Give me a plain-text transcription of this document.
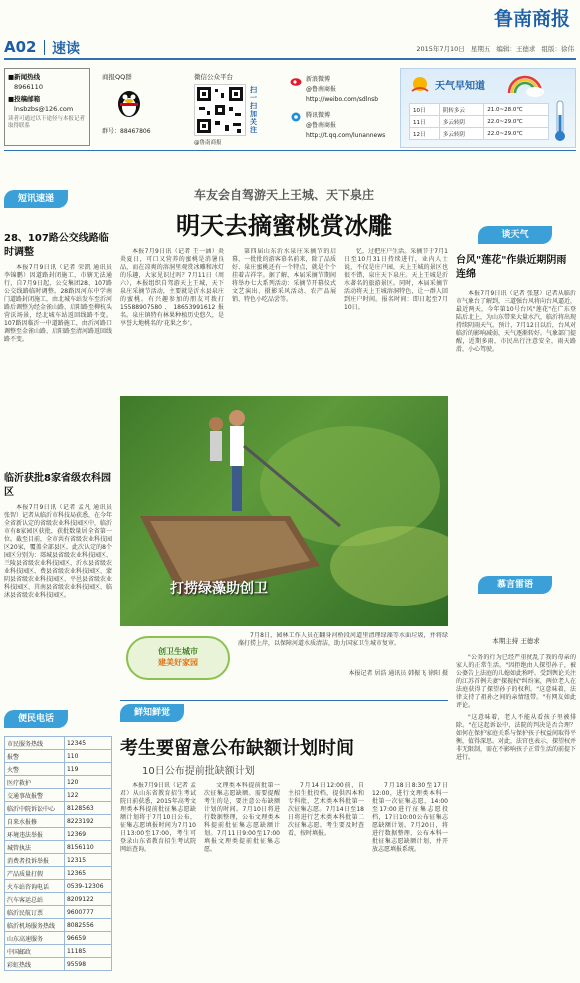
鲁南商报
A02 速读	2015年7月10日 星期五 编辑：王德求 组版：徐伟
■新闻热线
8966110
■投稿邮箱
lnsbzbs@126.com
读者可通过以下途径与本报记者取得联系
商报QQ群
群号：88467806
微信公众平台
扫一扫加关注
@鲁南商报
新浪微博
@鲁南商报
http://weibo.com/sdlnsb
腾讯微博
@鲁南商报
http://t.qq.com/lunannews
天气早知道
10日	阴转多云	21.0~28.0℃
11日	多云转阴	22.0~29.0℃
12日	多云转阴	22.0~29.0℃
短讯速递
28、107路公交线路临时调整

本报7月9日讯（记者 荣凯 通讯员 李锦鹏）因道路封闭施工，市辖无法通行，自7月9日起，公交集团28、107路公交线路临时调整。28路因河东中学南门道路封闭施工，由北城车站发车至沂河路后调整为经金雀山路、启阳路至柳杭头营沃场景，经北城车站返回线路不变。107路因临沂一中道路施工，由沂河路口调整至金雀山路、启阳路至清河路返回线路不变。

临沂获批8家省级农科园区

本报7月9日讯（记者 孟凡 通讯员 张智）记者从临沂市科技局获悉，在今年全省新认定的省级农业科技园区中，临沂市有8家园区获批，获批数量居全省第一位。截至目前，全市共有省级农业科技园区20家，覆盖全部县区。此次认定的8个园区分别为：郯城县省级农业科技园区、兰陵县省级农业科技园区、沂水县省级农业科技园区、费县省级农业科技园区、蒙阴县省级农业科技园区、平邑县省级农业科技园区、莒南县省级农业科技园区、临沭县省级农业科技园区。

便民电话
市民服务热线	12345
报警	110
火警	119
医疗救护	120
交通事故报警	122
临沂中院诉讼中心	8128563
自来水报修	8223192
环境违法举报	12369
城管执法	8156110
消费者投诉举报	12315
产品质量打假	12365
火车站咨询电话	0539-12306
汽车客运总站	8209122
临沂民航订票	9600777
临沂机场服务热线	8082556
山东高速服务	96659
中国邮政	11185
彩虹热线	95598
车友会自驾游天上王城、天下泉庄
明天去摘蜜桃赏冰雕

本报7月9日讯（记者 王一涵）炎炎夏日，可口又营养的蜜桃是消暑良品，而在凉爽的溶洞里观赏冰雕和冰灯的乐趣，大家见识过吗？7月11日（周六），本报组织自驾游天上王城，天下泉庄采摘节活动，主要就是沂水县泉庄的蜜桃。有兴趣参加的朋友可拨打15588907580、18653991612报名。泉庄镇特有林果种植历史悠久，是享誉大地桃名的‘花果之乡’。

第四届山东沂水泉庄采摘节的启幕，一批批的游客慕名前来，除了品质好、泉庄蜜桃还有一个特点，就是个个挂着吉祥字。据了解，本届采摘节期间将举办七大系列活动：采摘节开幕仪式文艺演出、摄影采风活动、农产品展销、特色小吃品尝等。

忆，过把庄户生活。采摘节于7月1日至10月31日持续进行，业内人士说，不仅是庄户园，天上王城的景区也很不错，泉庄天下泉庄。天上王城是沂水著名的旅游景区。同时，本届采摘节活动将天上王城溶洞特色，让一群人回到庄户时间。报名时间：即日起至7月10日。

打捞绿藻助创卫
创卫生城市
建美好家园

7月8日，园林工作人员在翻身河桥段河道里清理绿藻等水面垃圾，并将绿藻打捞上岸，以保障河道水质清洁，助力国家卫生城市复审。

本报记者 居浩 通讯员 韩振飞 徐阳 摄
谈天气
台风"莲花"作祟近期阴雨连绵

本报7月9日讯（记者 张慧）记者从临沂市气象台了解到，三道强台风将向台风逼近，最近两天，今年第10号台风"莲花"在广东登陆后北上，为山东带来大量水汽，临沂将出现持续阴雨天气。预计，7月12日以后，台风对临沂的影响减弱，天气逐渐转好。气象部门提醒，近期多雨，市民出行注意安全，雨天路滑，小心驾驶。

慕言雷语
本期主持 王德求

"公务的行为已经严重扰乱了我的母亲的家人的正常生活。"因拒绝由人探望孙子，被公婆告上法庭的儿媳如此称呼。受到舆论关注的江苏首例夫妻"探视权"纠纷案，两位老人在法庭获得了探望孙子的权利。"这意味着，法律支持了祖孙之间的亲情纽带。"有网友如此评论。

"这意味着，老人不能从看孩子里被排除。"在这起诉讼中，法院的判决是否合理？如何在保护家庭关系与保护孩子权益间取得平衡，值得深思。对此，法官也表示，探望权并非无限制，需在不影响孩子正常生活的前提下进行。

鲜知鲜觉
考生要留意公布缺额计划时间
10日公布提前批缺额计划

本报7月9日讯（记者 孟君）从山东省教育招生考试院日前获悉，2015年高考文理类本科提前批征集志愿缺额计划将于7月10日公布，征集志愿填报时间为7月10日13:00至17:00，考生可登录山东省教育招生考试院网站查询。

文理类本科提前批第一次征集志愿缺额。需要提醒考生的是，要注意公布缺额计划的时间。7月10日将进行数据整理，公布文理类本科提前批征集志愿缺额计划。7月11日9:00至17:00填报文理类提前批征集志愿。

7月14日12:00前，自主招生批投档，提供四本和专科批、艺术类本科批第一次征集志愿。7月14日至18日将进行艺术类本科批第二次征集志愿。考生要及时查看，按时填报。

7月18日8:30至17日12:00，进行文理类本科一批第一次征集志愿，14:00至17:00进行征集志愿投档，17日10:00公布征集志愿缺额计划。7月20日，将进行数据整理、公布本科一批征集志愿缺额计划，并开放志愿填报系统。
